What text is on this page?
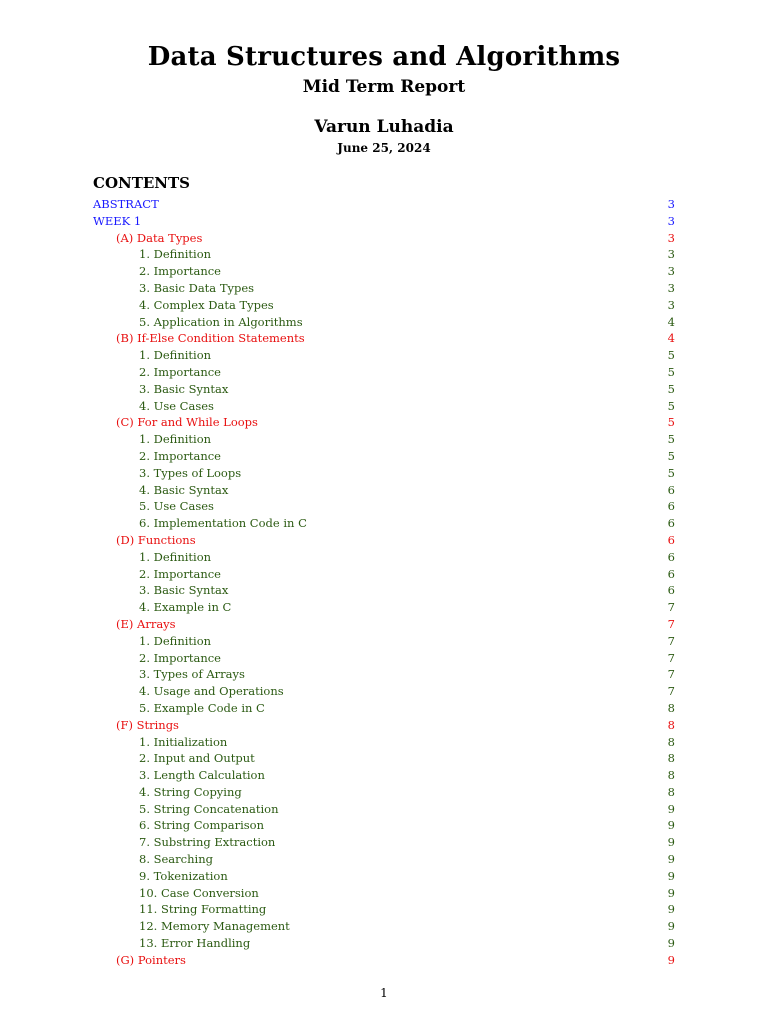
Data Structures and Algorithms
Mid Term Report
Varun Luhadia
June 25, 2024
CONTENTS
ABSTRACT	3
WEEK 1	3
(A) Data Types	3
1. Definition	3
2. Importance	3
3. Basic Data Types	3
4. Complex Data Types	3
5. Application in Algorithms	4
(B) If-Else Condition Statements	4
1. Definition	5
2. Importance	5
3. Basic Syntax	5
4. Use Cases	5
(C) For and While Loops	5
1. Definition	5
2. Importance	5
3. Types of Loops	5
4. Basic Syntax	6
5. Use Cases	6
6. Implementation Code in C	6
(D) Functions	6
1. Definition	6
2. Importance	6
3. Basic Syntax	6
4. Example in C	7
(E) Arrays	7
1. Definition	7
2. Importance	7
3. Types of Arrays	7
4. Usage and Operations	7
5. Example Code in C	8
(F) Strings	8
1. Initialization	8
2. Input and Output	8
3. Length Calculation	8
4. String Copying	8
5. String Concatenation	9
6. String Comparison	9
7. Substring Extraction	9
8. Searching	9
9. Tokenization	9
10. Case Conversion	9
11. String Formatting	9
12. Memory Management	9
13. Error Handling	9
(G) Pointers	9
1
